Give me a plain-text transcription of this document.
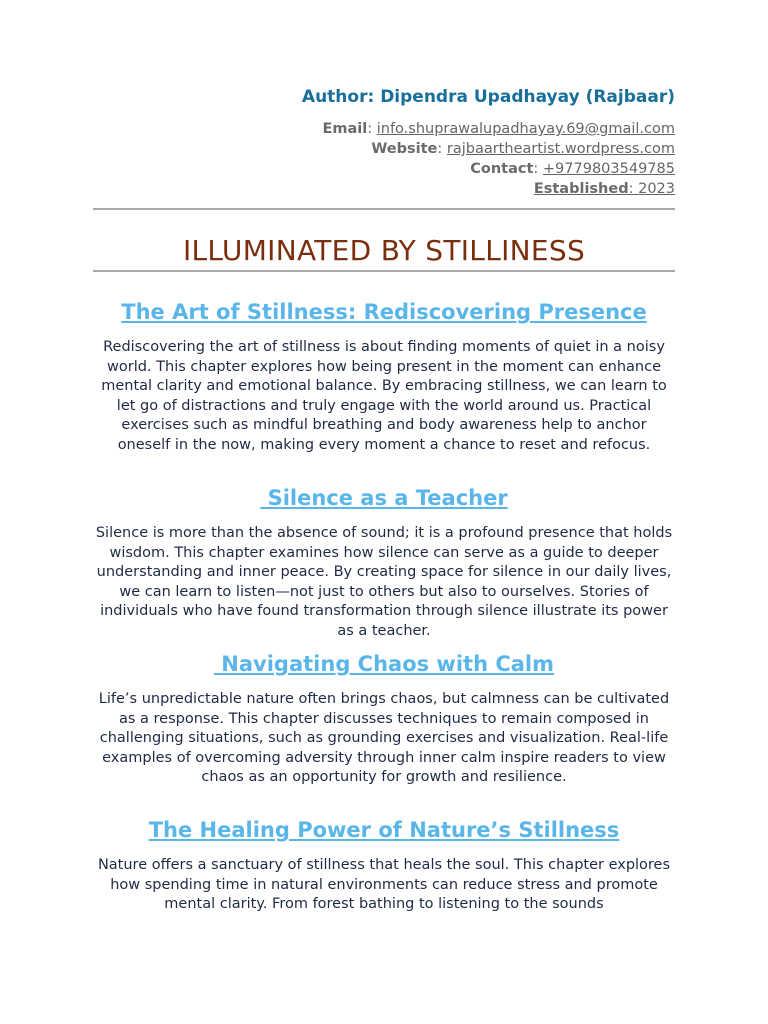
Author: Dipendra Upadhayay (Rajbaar)
Email: info.shuprawalupadhayay.69@gmail.com
Website: rajbaartheartist.wordpress.com
Contact: +9779803549785
Established: 2023
ILLUMINATED BY STILLINESS
The Art of Stillness: Rediscovering Presence
Rediscovering the art of stillness is about finding moments of quiet in a noisy world. This chapter explores how being present in the moment can enhance mental clarity and emotional balance. By embracing stillness, we can learn to let go of distractions and truly engage with the world around us. Practical exercises such as mindful breathing and body awareness help to anchor oneself in the now, making every moment a chance to reset and refocus.
Silence as a Teacher
Silence is more than the absence of sound; it is a profound presence that holds wisdom. This chapter examines how silence can serve as a guide to deeper understanding and inner peace. By creating space for silence in our daily lives, we can learn to listen—not just to others but also to ourselves. Stories of individuals who have found transformation through silence illustrate its power as a teacher.
Navigating Chaos with Calm
Life’s unpredictable nature often brings chaos, but calmness can be cultivated as a response. This chapter discusses techniques to remain composed in challenging situations, such as grounding exercises and visualization. Real-life examples of overcoming adversity through inner calm inspire readers to view chaos as an opportunity for growth and resilience.
The Healing Power of Nature’s Stillness
Nature offers a sanctuary of stillness that heals the soul. This chapter explores how spending time in natural environments can reduce stress and promote mental clarity. From forest bathing to listening to the sounds
